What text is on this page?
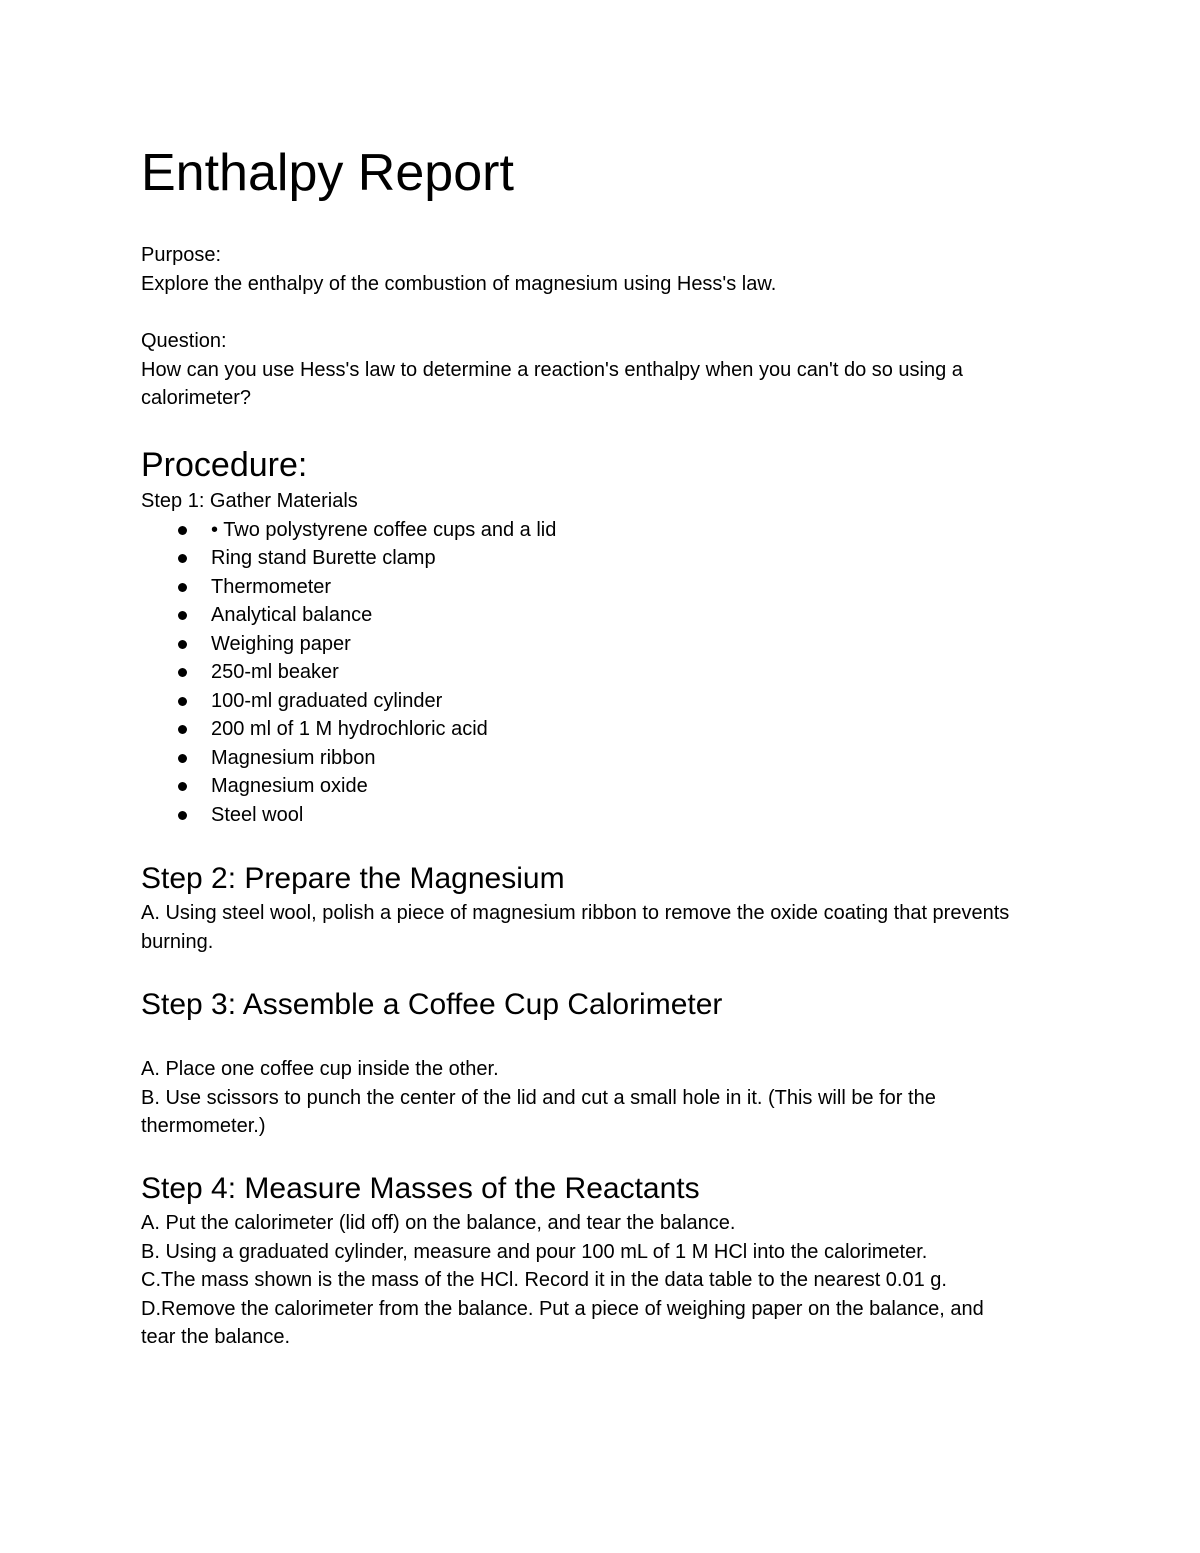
Enthalpy Report

Purpose:

Explore the enthalpy of the combustion of magnesium using Hess's law.

Question:

How can you use Hess's law to determine a reaction's enthalpy when you can't do so using a calorimeter?

Procedure:

Step 1: Gather Materials

• Two polystyrene coffee cups and a lid
Ring stand Burette clamp
Thermometer
Analytical balance
Weighing paper
250-ml beaker
100-ml graduated cylinder
200 ml of 1 M hydrochloric acid
Magnesium ribbon
Magnesium oxide
Steel wool
Step 2: Prepare the Magnesium

A. Using steel wool, polish a piece of magnesium ribbon to remove the oxide coating that prevents burning.

Step 3: Assemble a Coffee Cup Calorimeter

A. Place one coffee cup inside the other.

B. Use scissors to punch the center of the lid and cut a small hole in it. (This will be for the thermometer.)

Step 4: Measure Masses of the Reactants

A. Put the calorimeter (lid off) on the balance, and tear the balance.

B. Using a graduated cylinder, measure and pour 100 mL of 1 M HCl into the calorimeter.

C.The mass shown is the mass of the HCl. Record it in the data table to the nearest 0.01 g.

D.Remove the calorimeter from the balance. Put a piece of weighing paper on the balance, and tear the balance.
